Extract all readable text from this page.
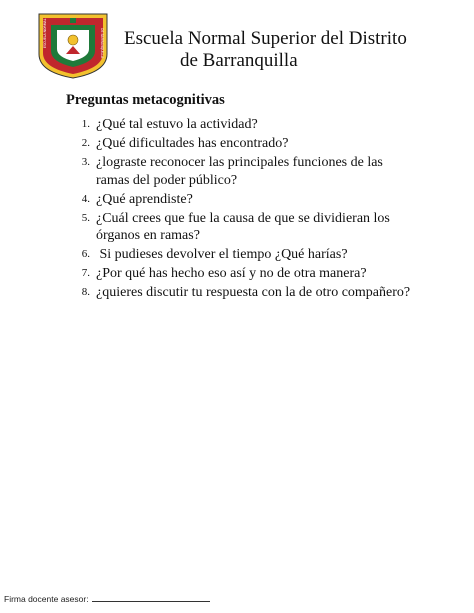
ESCUELA NORMAL	DE BARRANQUILLA Escuela Normal Superior del Distrito
de Barranquilla
Preguntas metacognitivas
1. ¿Qué tal estuvo la actividad?
2. ¿Qué dificultades has encontrado?
3. ¿lograste reconocer las principales funciones de las
ramas del poder público?
4. ¿Qué aprendiste?
5. ¿Cuál crees que fue la causa de que se dividieran los
órganos en ramas?
6. Si pudieses devolver el tiempo ¿Qué harías?
7. ¿Por qué has hecho eso así y no de otra manera?
8. ¿quieres discutir tu respuesta con la de otro compañero?
Firma docente asesor:
